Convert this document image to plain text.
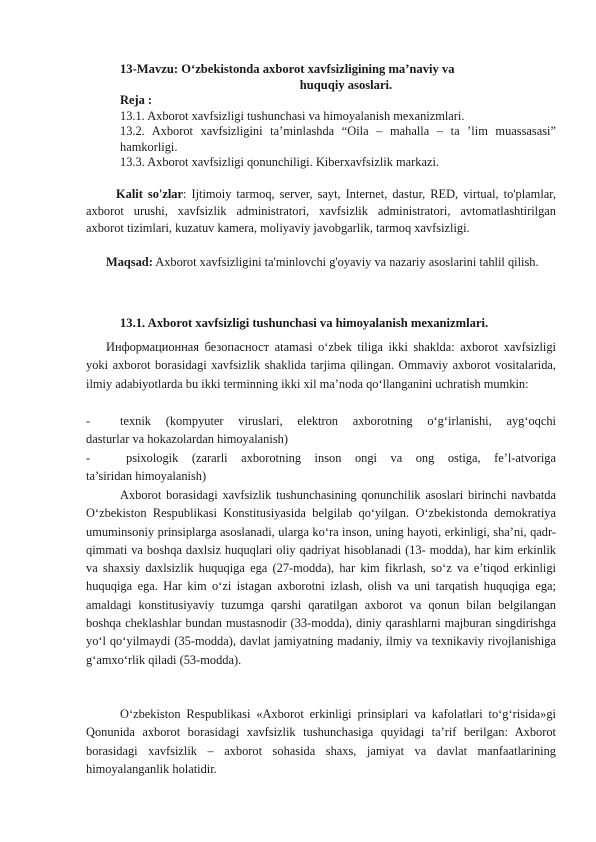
13-Mavzu: O‘zbekistonda axborot xavfsizligining ma’naviy va
huquqiy asoslari.
Reja :
13.1. Axborot xavfsizligi tushunchasi va himoyalanish mexanizmlari.
13.2. Axborot xavfsizligini ta’minlashda “Oila – mahalla – ta ’lim muassasasi” hamkorligi.
13.3. Axborot xavfsizligi qonunchiligi. Kiberxavfsizlik markazi.
Kalit so'zlar: Ijtimoiy tarmoq, server, sayt, Internet, dastur, RED, virtual, to'plamlar, axborot urushi, xavfsizlik administratori, xavfsizlik administratori, avtomatlashtirilgan axborot tizimlari, kuzatuv kamera, moliyaviy javobgarlik, tarmoq xavfsizligi.
Maqsad: Axborot xavfsizligini ta'minlovchi g'oyaviy va nazariy asoslarini tahlil qilish.
13.1. Axborot xavfsizligi tushunchasi va himoyalanish mexanizmlari.
Информационная безопасност atamasi o‘zbek tiliga ikki shaklda: axborot xavfsizligi yoki axborot borasidagi xavfsizlik shaklida tarjima qilingan. Ommaviy axborot vositalarida, ilmiy adabiyotlarda bu ikki terminning ikki xil ma’noda qo‘llanganini uchratish mumkin:
-	texnik (kompyuter viruslari, elektron axborotning o‘g‘irlanishi, ayg‘oqchi
dasturlar va hokazolardan himoyalanish)
-	psixologik (zararli axborotning inson ongi va ong ostiga, fe’l-atvoriga
ta’siridan himoyalanish)
Axborot borasidagi xavfsizlik tushunchasining qonunchilik asoslari birinchi navbatda O‘zbekiston Respublikasi Konstitusiyasida belgilab qo‘yilgan. O‘zbekistonda demokratiya umuminsoniy prinsiplarga asoslanadi, ularga ko‘ra inson, uning hayoti, erkinligi, sha’ni, qadr-qimmati va boshqa daxlsiz huquqlari oliy qadriyat hisoblanadi (13- modda), har kim erkinlik va shaxsiy daxlsizlik huquqiga ega (27-modda), har kim fikrlash, so‘z va e’tiqod erkinligi huquqiga ega. Har kim o‘zi istagan axborotni izlash, olish va uni tarqatish huquqiga ega; amaldagi konstitusiyaviy tuzumga qarshi qaratilgan axborot va qonun bilan belgilangan boshqa cheklashlar bundan mustasnodir (33-modda), diniy qarashlarni majburan singdirishga yo‘l qo‘yilmaydi (35-modda), davlat jamiyatning madaniy, ilmiy va texnikaviy rivojlanishiga g‘amxo‘rlik qiladi (53-modda).
O‘zbekiston Respublikasi «Axborot erkinligi prinsiplari va kafolatlari to‘g‘risida»gi Qonunida axborot borasidagi xavfsizlik tushunchasiga quyidagi ta’rif berilgan: Axborot borasidagi xavfsizlik – axborot sohasida shaxs, jamiyat va davlat manfaatlarining himoyalanganlik holatidir.
